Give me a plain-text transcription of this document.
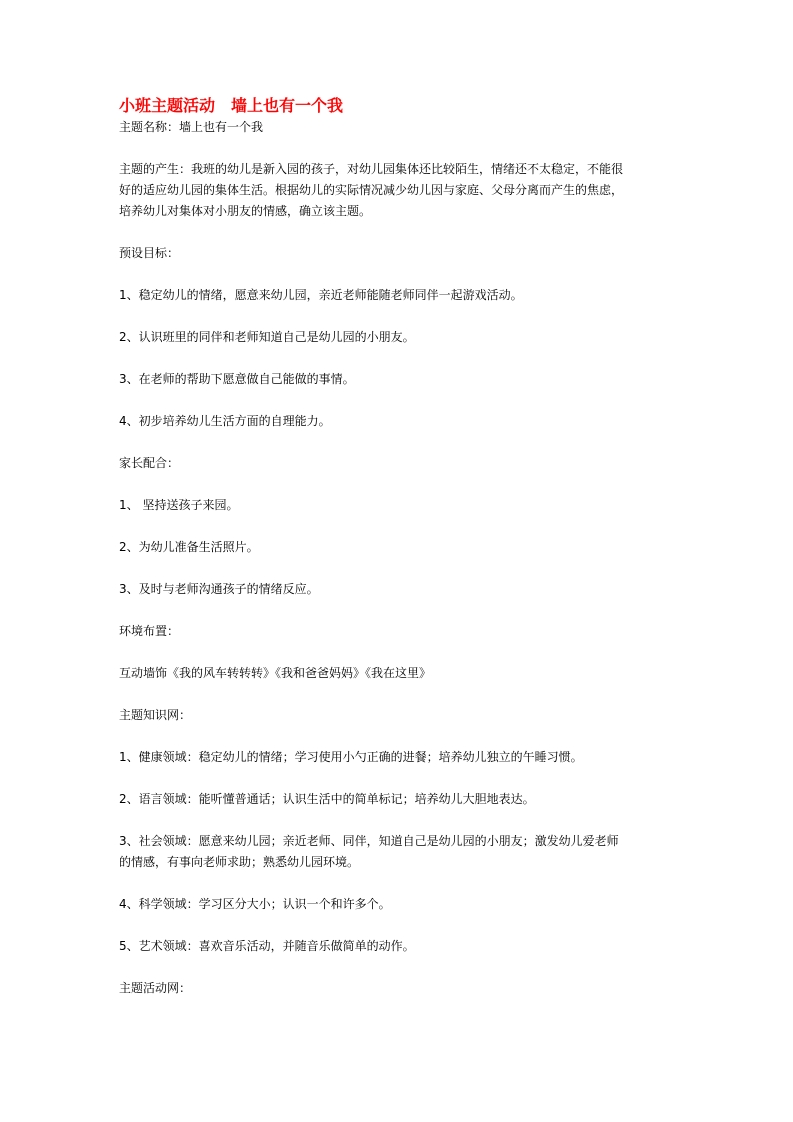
小班主题活动　墙上也有一个我

主题名称：墙上也有一个我

主题的产生：我班的幼儿是新入园的孩子，对幼儿园集体还比较陌生，情绪还不太稳定，不能很

好的适应幼儿园的集体生活。根据幼儿的实际情况减少幼儿因与家庭、父母分离而产生的焦虑，

培养幼儿对集体对小朋友的情感，确立该主题。

预设目标：

1、稳定幼儿的情绪，愿意来幼儿园，亲近老师能随老师同伴一起游戏活动。

2、认识班里的同伴和老师知道自己是幼儿园的小朋友。

3、在老师的帮助下愿意做自己能做的事情。

4、初步培养幼儿生活方面的自理能力。

家长配合：

1、 坚持送孩子来园。

2、为幼儿准备生活照片。

3、及时与老师沟通孩子的情绪反应。

环境布置：

互动墙饰《我的风车转转转》《我和爸爸妈妈》《我在这里》

主题知识网：

1、健康领域：稳定幼儿的情绪；学习使用小勺正确的进餐；培养幼儿独立的午睡习惯。

2、语言领域：能听懂普通话；认识生活中的简单标记；培养幼儿大胆地表达。

3、社会领域：愿意来幼儿园；亲近老师、同伴，知道自己是幼儿园的小朋友；激发幼儿爱老师

的情感，有事向老师求助；熟悉幼儿园环境。

4、科学领域：学习区分大小；认识一个和许多个。

5、艺术领域：喜欢音乐活动，并随音乐做简单的动作。

主题活动网：
